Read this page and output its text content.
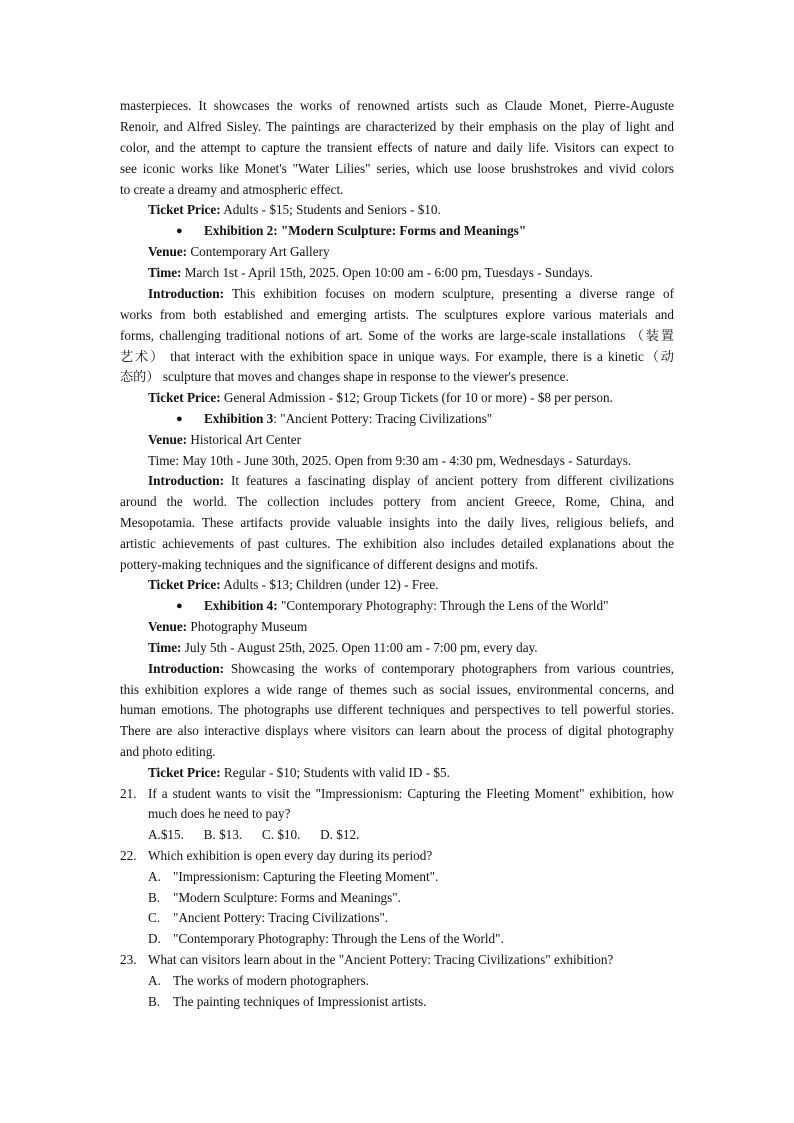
masterpieces. It showcases the works of renowned artists such as Claude Monet, Pierre-Auguste
Renoir, and Alfred Sisley. The paintings are characterized by their emphasis on the play of light and
color, and the attempt to capture the transient effects of nature and daily life. Visitors can expect to
see iconic works like Monet's "Water Lilies" series, which use loose brushstrokes and vivid colors
to create a dreamy and atmospheric effect.
Ticket Price: Adults - $15; Students and Seniors - $10.
● Exhibition 2: "Modern Sculpture: Forms and Meanings"
Venue: Contemporary Art Gallery
Time: March 1st - April 15th, 2025. Open 10:00 am - 6:00 pm, Tuesdays - Sundays.
Introduction: This exhibition focuses on modern sculpture, presenting a diverse range of
works from both established and emerging artists. The sculptures explore various materials and
forms, challenging traditional notions of art. Some of the works are large-scale installations （装置
艺术） that interact with the exhibition space in unique ways. For example, there is a kinetic（动
态的） sculpture that moves and changes shape in response to the viewer's presence.
Ticket Price: General Admission - $12; Group Tickets (for 10 or more) - $8 per person.
● Exhibition 3: "Ancient Pottery: Tracing Civilizations"
Venue: Historical Art Center
Time: May 10th - June 30th, 2025. Open from 9:30 am - 4:30 pm, Wednesdays - Saturdays.
Introduction: It features a fascinating display of ancient pottery from different civilizations
around the world. The collection includes pottery from ancient Greece, Rome, China, and
Mesopotamia. These artifacts provide valuable insights into the daily lives, religious beliefs, and
artistic achievements of past cultures. The exhibition also includes detailed explanations about the
pottery-making techniques and the significance of different designs and motifs.
Ticket Price: Adults - $13; Children (under 12) - Free.
● Exhibition 4: "Contemporary Photography: Through the Lens of the World"
Venue: Photography Museum
Time: July 5th - August 25th, 2025. Open 11:00 am - 7:00 pm, every day.
Introduction: Showcasing the works of contemporary photographers from various countries,
this exhibition explores a wide range of themes such as social issues, environmental concerns, and
human emotions. The photographs use different techniques and perspectives to tell powerful stories.
There are also interactive displays where visitors can learn about the process of digital photography
and photo editing.
Ticket Price: Regular - $10; Students with valid ID - $5.
21. If a student wants to visit the "Impressionism: Capturing the Fleeting Moment" exhibition, how
much does he need to pay?
A.$15.      B. $13.      C. $10.      D. $12.
22. Which exhibition is open every day during its period?
A. "Impressionism: Capturing the Fleeting Moment".
B. "Modern Sculpture: Forms and Meanings".
C. "Ancient Pottery: Tracing Civilizations".
D. "Contemporary Photography: Through the Lens of the World".
23. What can visitors learn about in the "Ancient Pottery: Tracing Civilizations" exhibition?
A. The works of modern photographers.
B. The painting techniques of Impressionist artists.
